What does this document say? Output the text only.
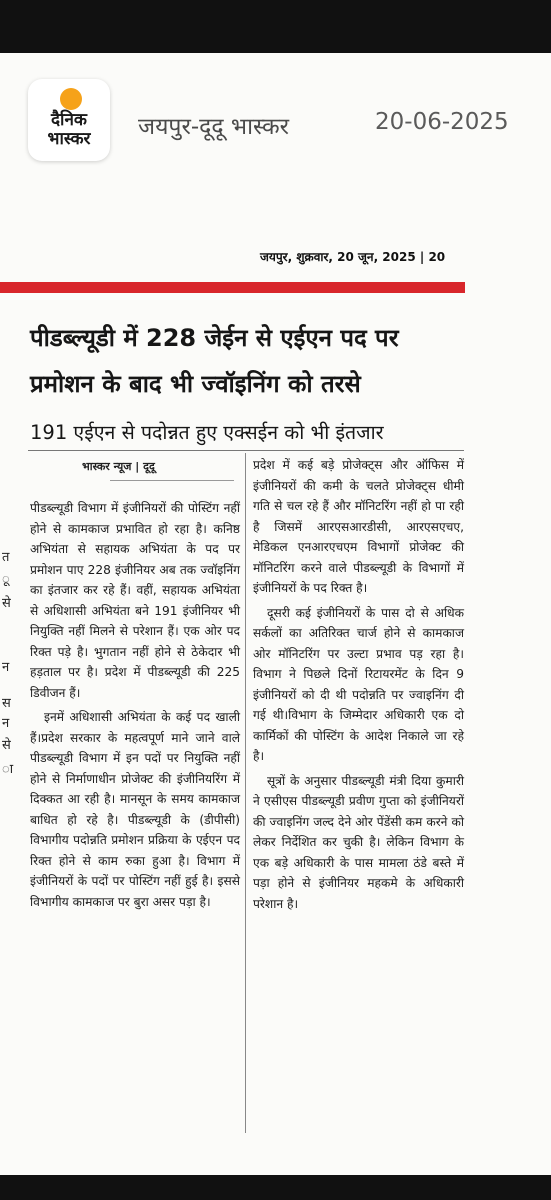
दैनिक
भास्कर	जयपुर-दूदू भास्कर	20-06-2025
जयपुर, शुक्रवार, 20 जून, 2025 | 20
पीडब्ल्यूडी में 228 जेईन से एईएन पद पर
प्रमोशन के बाद भी ज्वॉइनिंग को तरसे
191 एईएन से पदोन्नत हुए एक्सईन को भी इंतजार
भास्कर न्यूज | दूदू

पीडब्ल्यूडी विभाग में इंजीनियरों की पोस्टिंग नहीं होने से कामकाज प्रभावित हो रहा है। कनिष्ठ अभियंता से सहायक अभियंता के पद पर प्रमोशन पाए 228 इंजीनियर अब तक ज्वॉइनिंग का इंतजार कर रहे हैं। वहीं, सहायक अभियंता से अधिशासी अभियंता बने 191 इंजीनियर भी नियुक्ति नहीं मिलने से परेशान हैं। एक ओर पद रिक्त पड़े है। भुगतान नहीं होने से ठेकेदार भी हड़ताल पर है। प्रदेश में पीडब्ल्यूडी की 225 डिवीजन हैं।

इनमें अधिशासी अभियंता के कई पद खाली हैं।प्रदेश सरकार के महत्वपूर्ण माने जाने वाले पीडब्ल्यूडी विभाग में इन पदों पर नियुक्ति नहीं होने से निर्माणाधीन प्रोजेक्ट की इंजीनियरिंग में दिक्कत आ रही है। मानसून के समय कामकाज बाधित हो रहे है। पीडब्ल्यूडी के (डीपीसी) विभागीय पदोन्नति प्रमोशन प्रक्रिया के एईएन पद रिक्त होने से काम रुका हुआ है। विभाग में इंजीनियरों के पदों पर पोस्टिंग नहीं हुई है। इससे विभागीय कामकाज पर बुरा असर पड़ा है।

प्रदेश में कई बड़े प्रोजेक्ट्स और ऑफिस में इंजीनियरों की कमी के चलते प्रोजेक्ट्स धीमी गति से चल रहे हैं और मॉनिटरिंग नहीं हो पा रही है जिसमें आरएसआरडीसी, आरएसएचए, मेडिकल एनआरएचएम विभागों प्रोजेक्ट की मॉनिटरिंग करने वाले पीडब्ल्यूडी के विभागों में इंजीनियरों के पद रिक्त है।

दूसरी कई इंजीनियरों के पास दो से अधिक सर्कलों का अतिरिक्त चार्ज होने से कामकाज ओर मॉनिटरिंग पर उल्टा प्रभाव पड़ रहा है।विभाग ने पिछले दिनों रिटायरमेंट के दिन 9 इंजीनियरों को दी थी पदोन्नति पर ज्वाइनिंग दी गई थी।विभाग के जिम्मेदार अधिकारी एक दो कार्मिकों की पोस्टिंग के आदेश निकाले जा रहे है।

सूत्रों के अनुसार पीडब्ल्यूडी मंत्री दिया कुमारी ने एसीएस पीडब्ल्यूडी प्रवीण गुप्ता को इंजीनियरों की ज्वाइनिंग जल्द देने ओर पेंडेंसी कम करने को लेकर निर्देशित कर चुकी है। लेकिन विभाग के एक बड़े अधिकारी के पास मामला ठंडे बस्ते में पड़ा होने से इंजीनियर महकमे के अधिकारी परेशान है।

त
ू
से
न
स
न
से
ा
